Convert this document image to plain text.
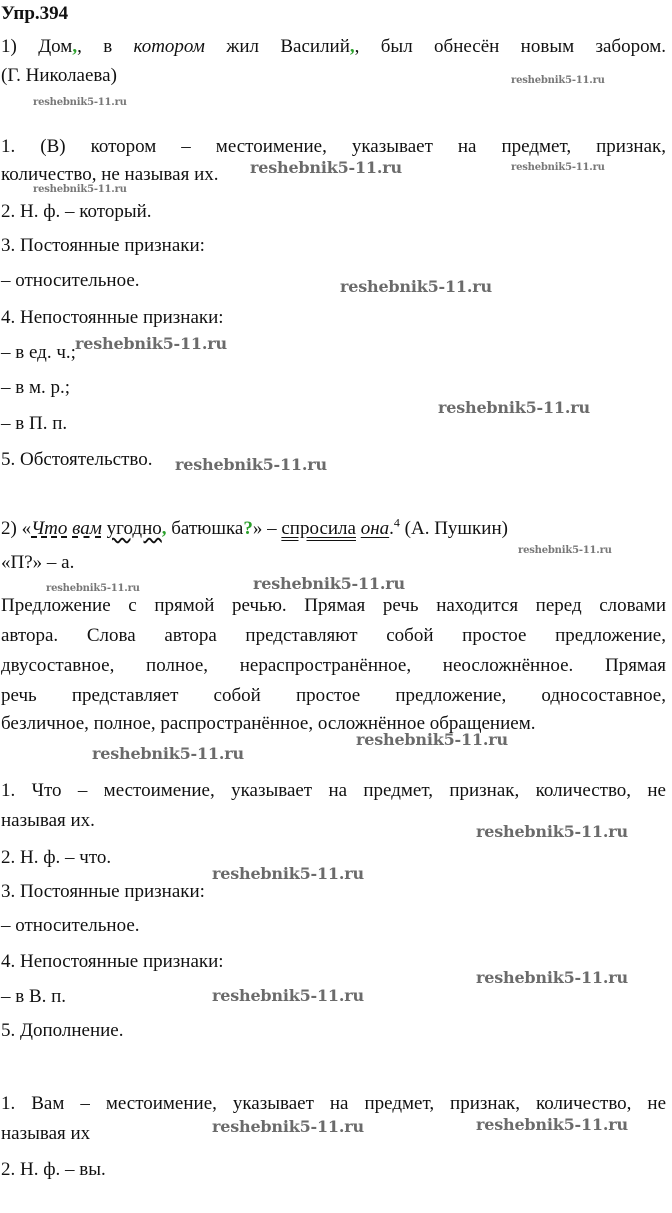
Упр.394
1) Дом,, в котором жил Василий,, был обнесён новым забором.
(Г. Николаева)
1. (В) котором – местоимение, указывает на предмет, признак,
количество, не называя их.
2. Н. ф. – который.
3. Постоянные признаки:
– относительное.
4. Непостоянные признаки:
– в ед. ч.;
– в м. р.;
– в П. п.
5. Обстоятельство.
2) «Что вам угодно, батюшка?» – спросила она.$^4$ (А. Пушкин)
«П?» – а.
Предложение с прямой речью. Прямая речь находится перед словами
автора. Слова автора представляют собой простое предложение,
двусоставное, полное, нераспространённое, неосложнённое. Прямая
речь представляет собой простое предложение, односоставное,
безличное, полное, распространённое, осложнённое обращением.
1. Что – местоимение, указывает на предмет, признак, количество, не
называя их.
2. Н. ф. – что.
3. Постоянные признаки:
– относительное.
4. Непостоянные признаки:
– в В. п.
5. Дополнение.
1. Вам – местоимение, указывает на предмет, признак, количество, не
называя их
2. Н. ф. – вы.
reshebnik5-11.ru
reshebnik5-11.ru
reshebnik5-11.ru	reshebnik5-11.ru
reshebnik5-11.ru
reshebnik5-11.ru
reshebnik5-11.ru
reshebnik5-11.ru
reshebnik5-11.ru
reshebnik5-11.ru
reshebnik5-11.ru
reshebnik5-11.ru
reshebnik5-11.ru
reshebnik5-11.ru
reshebnik5-11.ru
reshebnik5-11.ru
reshebnik5-11.ru
reshebnik5-11.ru
reshebnik5-11.ru
reshebnik5-11.ru
